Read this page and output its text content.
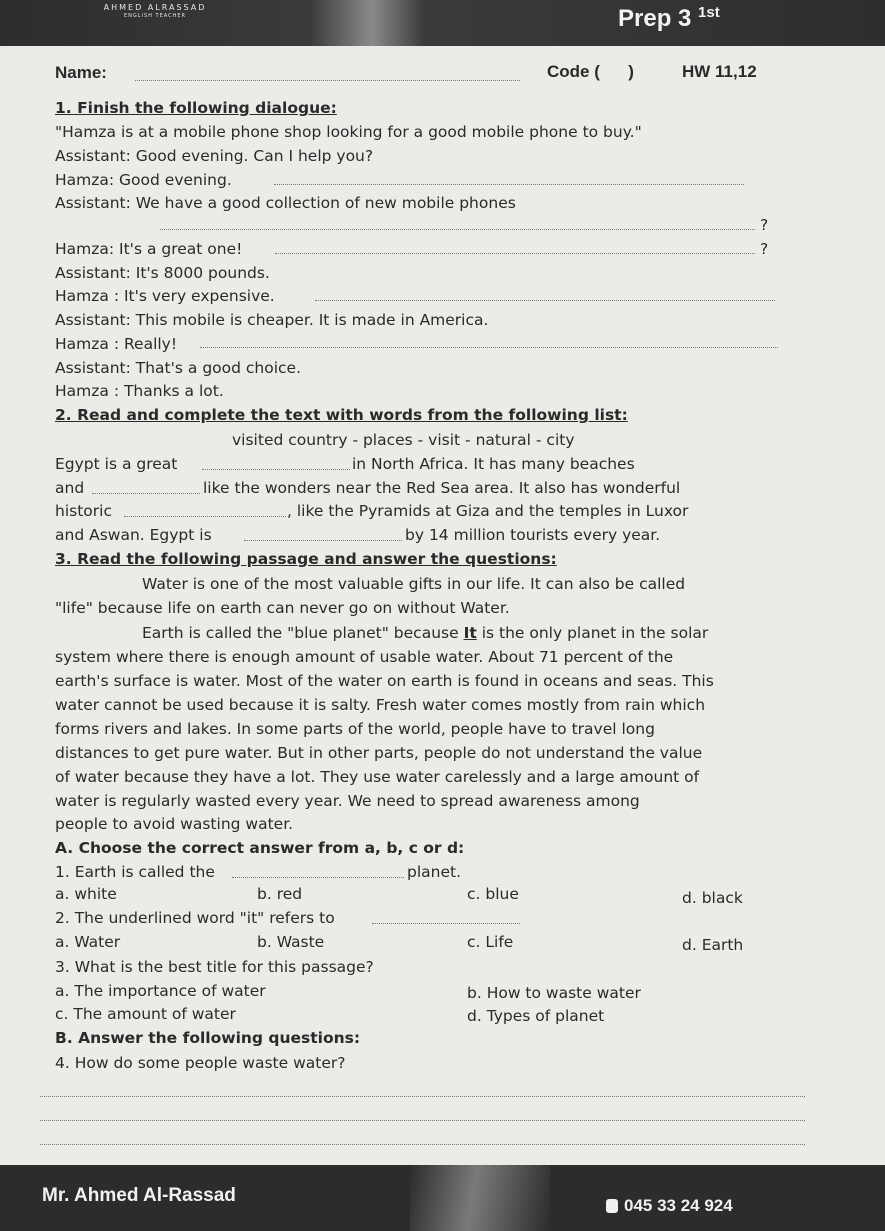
AHMED ALRASSAD
ENGLISH TEACHER	Prep 3 $^{1st}$
Name:	Code (      )	HW 11,12
1. Finish the following dialogue:
"Hamza is at a mobile phone shop looking for a good mobile phone to buy."
Assistant: Good evening. Can I help you?
Hamza: Good evening.
Assistant: We have a good collection of new mobile phones
?
Hamza: It's a great one!	?
Assistant: It's 8000 pounds.
Hamza : It's very expensive.
Assistant: This mobile is cheaper. It is made in America.
Hamza : Really!
Assistant: That's a good choice.
Hamza : Thanks a lot.
2. Read and complete the text with words from the following list:
visited country - places - visit - natural - city
Egypt is a great	in North Africa. It has many beaches
and	like the wonders near the Red Sea area. It also has wonderful
historic	, like the Pyramids at Giza and the temples in Luxor
and Aswan. Egypt is	by 14 million tourists every year.
3. Read the following passage and answer the questions:
Water is one of the most valuable gifts in our life. It can also be called
"life" because life on earth can never go on without Water.
Earth is called the "blue planet" because It is the only planet in the solar
system where there is enough amount of usable water. About 71 percent of the
earth's surface is water. Most of the water on earth is found in oceans and seas. This
water cannot be used because it is salty. Fresh water comes mostly from rain which
forms rivers and lakes. In some parts of the world, people have to travel long
distances to get pure water. But in other parts, people do not understand the value
of water because they have a lot. They use water carelessly and a large amount of
water is regularly wasted every year. We need to spread awareness among
people to avoid wasting water.
A. Choose the correct answer from a, b, c or d:
1. Earth is called the	planet.
a. white	b. red	c. blue	d. black
2. The underlined word "it" refers to
a. Water	b. Waste	c. Life	d. Earth
3. What is the best title for this passage?
a. The importance of water	b. How to waste water
c. The amount of water	d. Types of planet
B. Answer the following questions:
4. How do some people waste water?
Mr. Ahmed Al-Rassad	045 33 24 924
